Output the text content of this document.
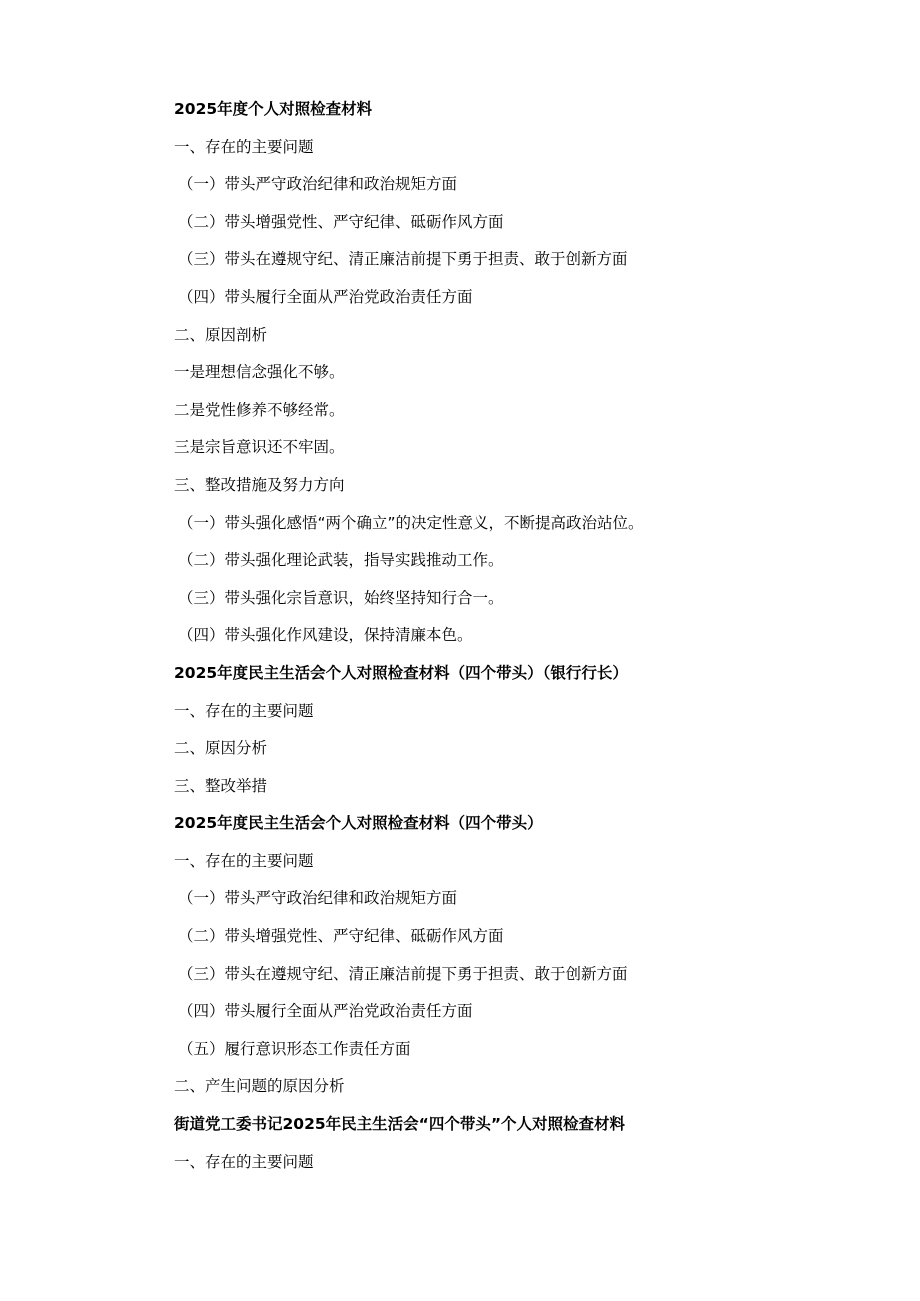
2025年度个人对照检查材料
一、存在的主要问题
（一）带头严守政治纪律和政治规矩方面
（二）带头增强党性、严守纪律、砥砺作风方面
（三）带头在遵规守纪、清正廉洁前提下勇于担责、敢于创新方面
（四）带头履行全面从严治党政治责任方面
二、原因剖析
一是理想信念强化不够。
二是党性修养不够经常。
三是宗旨意识还不牢固。
三、整改措施及努力方向
（一）带头强化感悟“两个确立”的决定性意义，不断提高政治站位。
（二）带头强化理论武装，指导实践推动工作。
（三）带头强化宗旨意识，始终坚持知行合一。
（四）带头强化作风建设，保持清廉本色。
2025年度民主生活会个人对照检查材料（四个带头）（银行行长）
一、存在的主要问题
二、原因分析
三、整改举措
2025年度民主生活会个人对照检查材料（四个带头）
一、存在的主要问题
（一）带头严守政治纪律和政治规矩方面
（二）带头增强党性、严守纪律、砥砺作风方面
（三）带头在遵规守纪、清正廉洁前提下勇于担责、敢于创新方面
（四）带头履行全面从严治党政治责任方面
（五）履行意识形态工作责任方面
二、产生问题的原因分析
街道党工委书记2025年民主生活会“四个带头”个人对照检查材料
一、存在的主要问题
